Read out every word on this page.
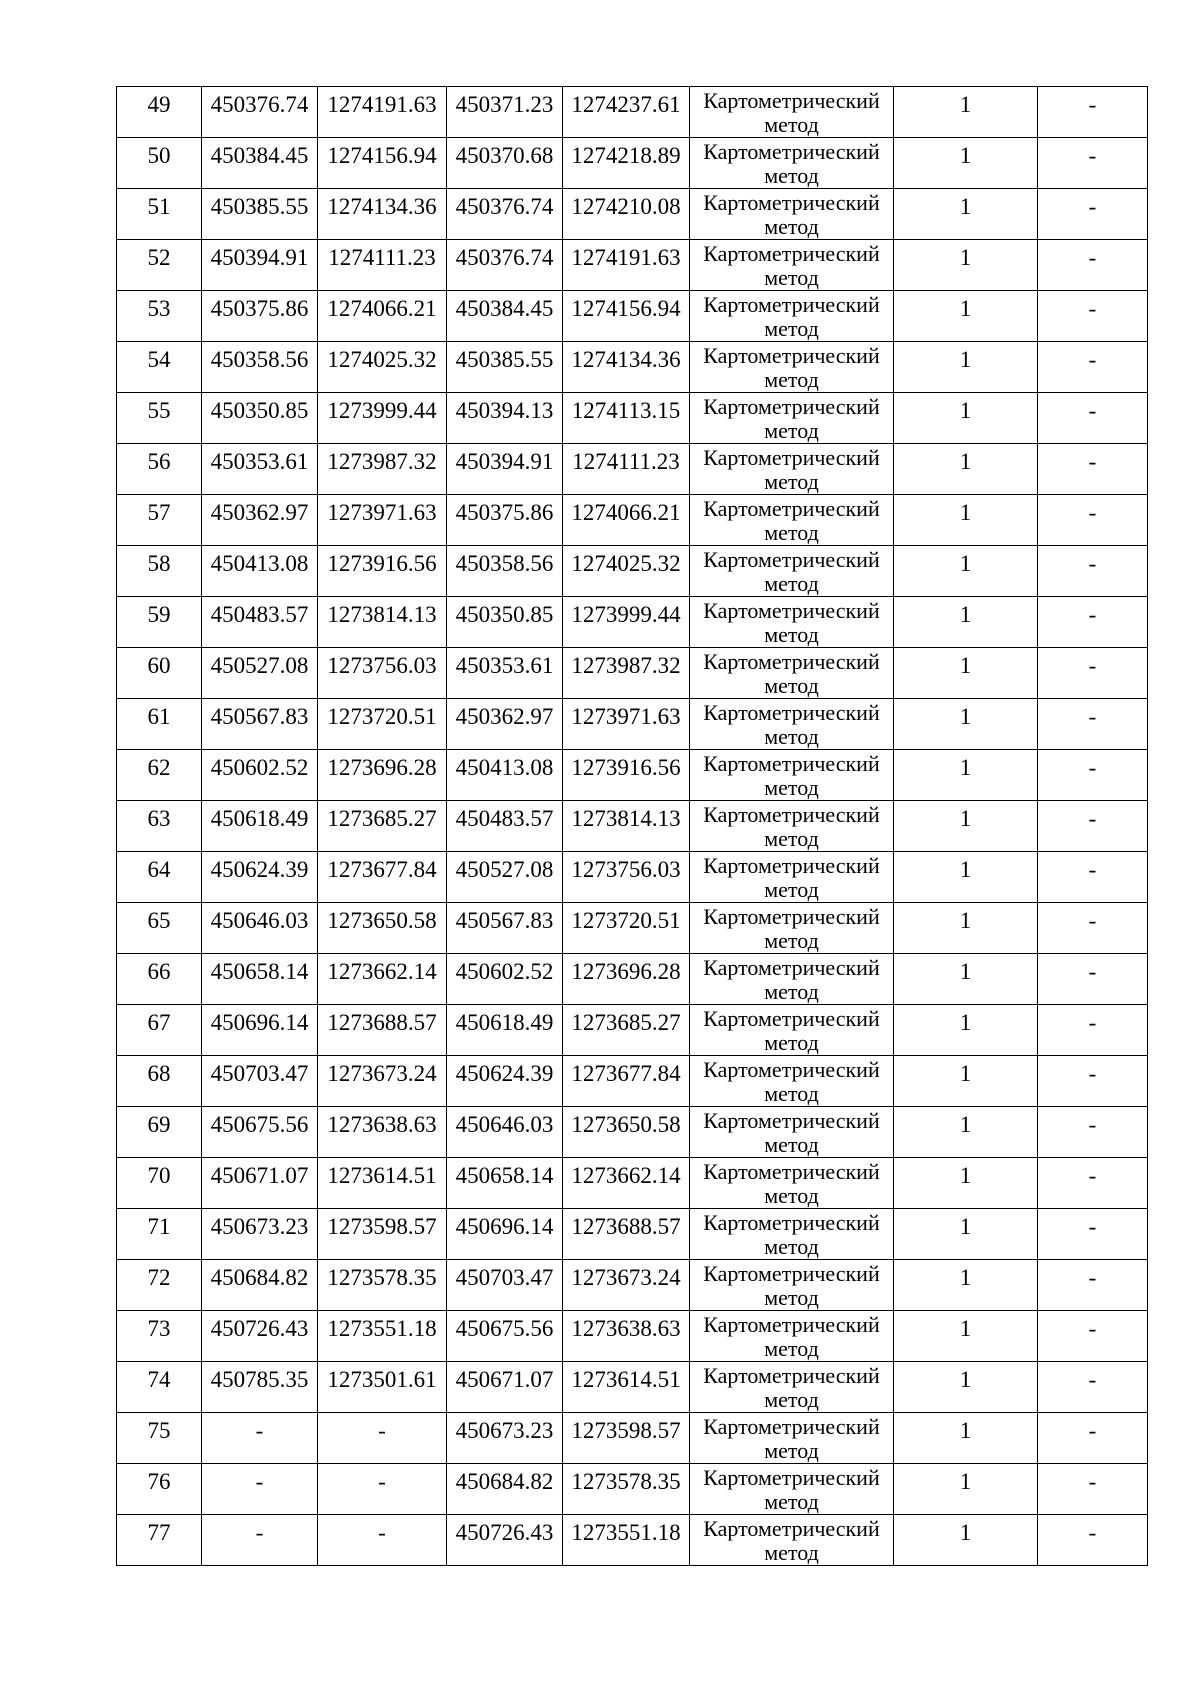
49	450376.74	1274191.63	450371.23	1274237.61	Картометрический метод	1	-
50	450384.45	1274156.94	450370.68	1274218.89	Картометрический метод	1	-
51	450385.55	1274134.36	450376.74	1274210.08	Картометрический метод	1	-
52	450394.91	1274111.23	450376.74	1274191.63	Картометрический метод	1	-
53	450375.86	1274066.21	450384.45	1274156.94	Картометрический метод	1	-
54	450358.56	1274025.32	450385.55	1274134.36	Картометрический метод	1	-
55	450350.85	1273999.44	450394.13	1274113.15	Картометрический метод	1	-
56	450353.61	1273987.32	450394.91	1274111.23	Картометрический метод	1	-
57	450362.97	1273971.63	450375.86	1274066.21	Картометрический метод	1	-
58	450413.08	1273916.56	450358.56	1274025.32	Картометрический метод	1	-
59	450483.57	1273814.13	450350.85	1273999.44	Картометрический метод	1	-
60	450527.08	1273756.03	450353.61	1273987.32	Картометрический метод	1	-
61	450567.83	1273720.51	450362.97	1273971.63	Картометрический метод	1	-
62	450602.52	1273696.28	450413.08	1273916.56	Картометрический метод	1	-
63	450618.49	1273685.27	450483.57	1273814.13	Картометрический метод	1	-
64	450624.39	1273677.84	450527.08	1273756.03	Картометрический метод	1	-
65	450646.03	1273650.58	450567.83	1273720.51	Картометрический метод	1	-
66	450658.14	1273662.14	450602.52	1273696.28	Картометрический метод	1	-
67	450696.14	1273688.57	450618.49	1273685.27	Картометрический метод	1	-
68	450703.47	1273673.24	450624.39	1273677.84	Картометрический метод	1	-
69	450675.56	1273638.63	450646.03	1273650.58	Картометрический метод	1	-
70	450671.07	1273614.51	450658.14	1273662.14	Картометрический метод	1	-
71	450673.23	1273598.57	450696.14	1273688.57	Картометрический метод	1	-
72	450684.82	1273578.35	450703.47	1273673.24	Картометрический метод	1	-
73	450726.43	1273551.18	450675.56	1273638.63	Картометрический метод	1	-
74	450785.35	1273501.61	450671.07	1273614.51	Картометрический метод	1	-
75	-	-	450673.23	1273598.57	Картометрический метод	1	-
76	-	-	450684.82	1273578.35	Картометрический метод	1	-
77	-	-	450726.43	1273551.18	Картометрический метод	1	-
